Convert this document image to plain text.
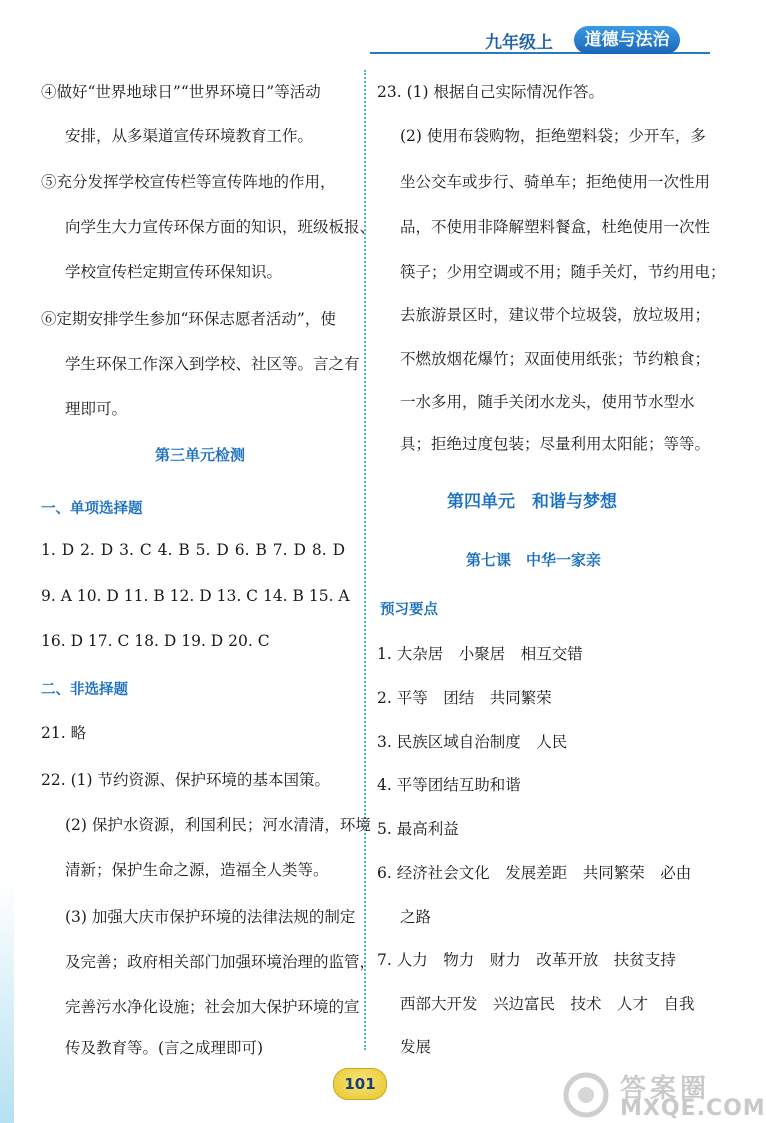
九年级上	道德与法治
④做好“世界地球日”“世界环境日”等活动
安排，从多渠道宣传环境教育工作。
⑤充分发挥学校宣传栏等宣传阵地的作用，
向学生大力宣传环保方面的知识，班级板报、
学校宣传栏定期宣传环保知识。
⑥定期安排学生参加“环保志愿者活动”，使
学生环保工作深入到学校、社区等。言之有
理即可。
第三单元检测
一、单项选择题
1. D 2. D 3. C 4. B 5. D 6. B 7. D 8. D
9. A 10. D 11. B 12. D 13. C 14. B 15. A
16. D 17. C 18. D 19. D 20. C
二、非选择题
21. 略
22. (1) 节约资源、保护环境的基本国策。
(2) 保护水资源，利国利民；河水清清，环境
清新；保护生命之源，造福全人类等。
(3) 加强大庆市保护环境的法律法规的制定
及完善；政府相关部门加强环境治理的监管，
完善污水净化设施；社会加大保护环境的宣
传及教育等。(言之成理即可)
23. (1) 根据自己实际情况作答。
(2) 使用布袋购物，拒绝塑料袋；少开车，多
坐公交车或步行、骑单车；拒绝使用一次性用
品，不使用非降解塑料餐盒，杜绝使用一次性
筷子；少用空调或不用；随手关灯，节约用电；
去旅游景区时，建议带个垃圾袋，放垃圾用；
不燃放烟花爆竹；双面使用纸张；节约粮食；
一水多用，随手关闭水龙头，使用节水型水
具；拒绝过度包装；尽量利用太阳能；等等。
第四单元　和谐与梦想
第七课　中华一家亲
预习要点
1. 大杂居　小聚居　相互交错
2. 平等　团结　共同繁荣
3. 民族区域自治制度　人民
4. 平等团结互助和谐
5. 最高利益
6. 经济社会文化　发展差距　共同繁荣　必由
之路
7. 人力　物力　财力　改革开放　扶贫支持
西部大开发　兴边富民　技术　人才　自我
发展
101	答案圈
MXQE.COM
